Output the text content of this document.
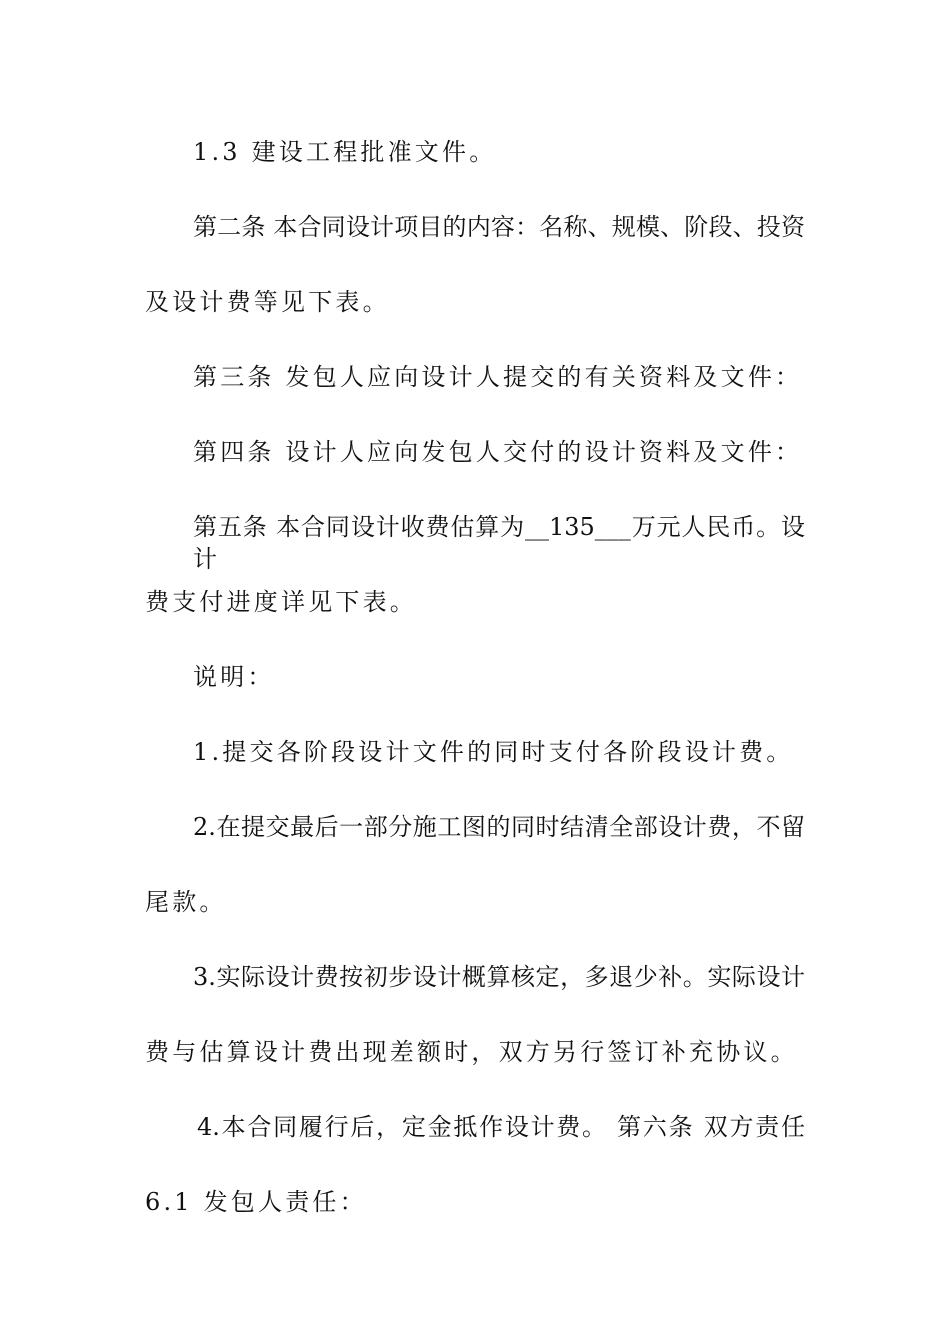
1.3 建设工程批准文件。
第二条 本合同设计项目的内容：名称、规模、阶段、投资
及设计费等见下表。
第三条 发包人应向设计人提交的有关资料及文件：
第四条 设计人应向发包人交付的设计资料及文件：
第五条 本合同设计收费估算为__135___万元人民币。设计
费支付进度详见下表。
说明：
1.提交各阶段设计文件的同时支付各阶段设计费。
2.在提交最后一部分施工图的同时结清全部设计费，不留
尾款。
3.实际设计费按初步设计概算核定，多退少补。实际设计
费与估算设计费出现差额时，双方另行签订补充协议。
4.本合同履行后，定金抵作设计费。 第六条 双方责任
6.1 发包人责任：
